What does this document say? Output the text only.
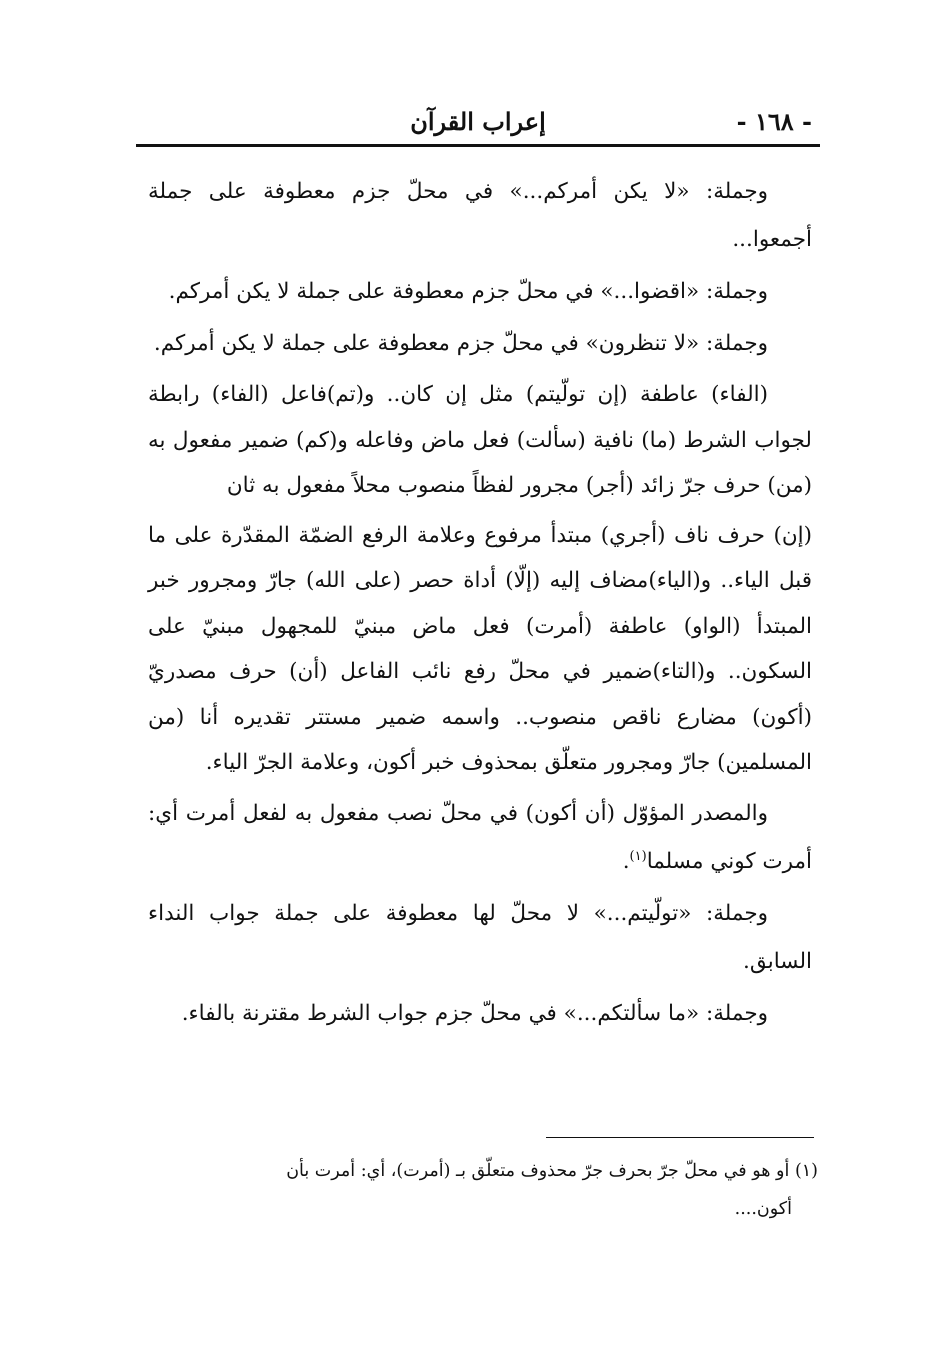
- ١٦٨ -
إعراب القرآن

وجملة: «لا يكن أمركم...» في محلّ جزم معطوفة على جملة أجمعوا...

وجملة: «اقضوا...» في محلّ جزم معطوفة على جملة لا يكن أمركم.

وجملة: «لا تنظرون» في محلّ جزم معطوفة على جملة لا يكن أمركم.

(الفاء) عاطفة (إن تولّيتم) مثل إن كان.. و(تم)فاعل (الفاء) رابطة لجواب الشرط (ما) نافية (سألت) فعل ماض وفاعله و(كم) ضمير مفعول به (من) حرف جرّ زائد (أجر) مجرور لفظاً منصوب محلاً مفعول به ثان

(إن) حرف ناف (أجري) مبتدأ مرفوع وعلامة الرفع الضمّة المقدّرة على ما قبل الياء.. و(الياء)مضاف إليه (إلّا) أداة حصر (على الله) جارّ ومجرور خبر المبتدأ (الواو) عاطفة (أمرت) فعل ماض مبنيّ للمجهول مبنيّ على السكون.. و(التاء)ضمير في محلّ رفع نائب الفاعل (أن) حرف مصدريّ (أكون) مضارع ناقص منصوب.. واسمه ضمير مستتر تقديره أنا (من المسلمين) جارّ ومجرور متعلّق بمحذوف خبر أكون، وعلامة الجرّ الياء.

والمصدر المؤوّل (أن أكون) في محلّ نصب مفعول به لفعل أمرت أي: أمرت كوني مسلما$^{(١)}$.

وجملة: «تولّيتم...» لا محلّ لها معطوفة على جملة جواب النداء السابق.

وجملة: «ما سألتكم...» في محلّ جزم جواب الشرط مقترنة بالفاء.

(١) أو هو في محلّ جرّ بحرف جرّ محذوف متعلّق بـ (أمرت)، أي: أمرت بأن

أكون....
